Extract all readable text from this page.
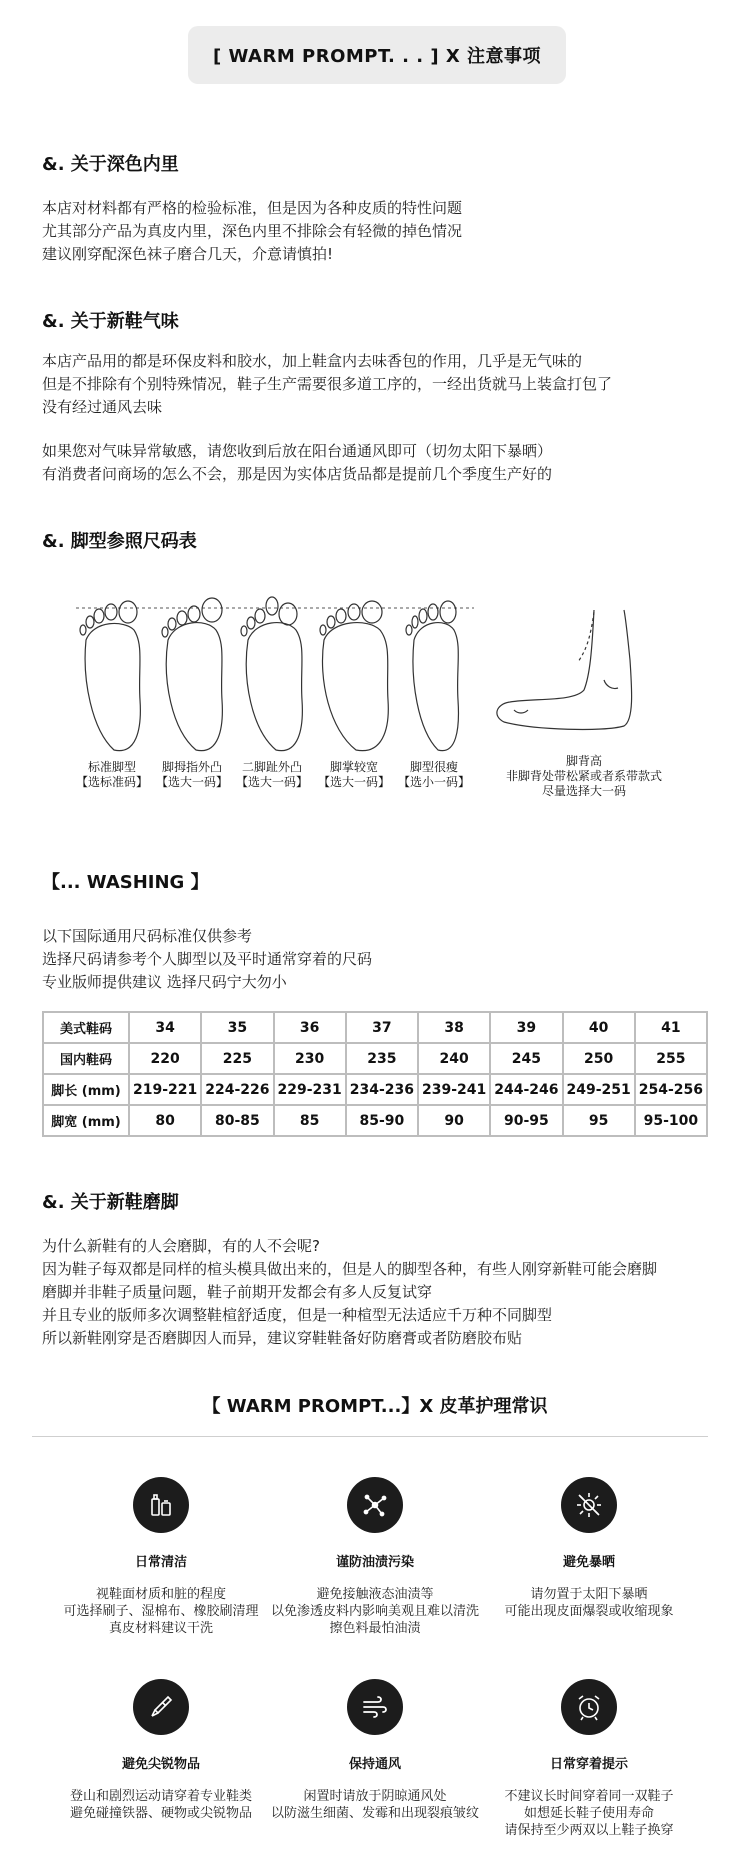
[ WARM PROMPT. . . ] X 注意事项
&. 关于深色内里
本店对材料都有严格的检验标准，但是因为各种皮质的特性问题
尤其部分产品为真皮内里，深色内里不排除会有轻微的掉色情况
建议刚穿配深色袜子磨合几天，介意请慎拍!
&. 关于新鞋气味
本店产品用的都是环保皮料和胶水，加上鞋盒内去味香包的作用，几乎是无气味的
但是不排除有个别特殊情况，鞋子生产需要很多道工序的，一经出货就马上装盒打包了
没有经过通风去味
如果您对气味异常敏感，请您收到后放在阳台通通风即可（切勿太阳下暴晒）
有消费者问商场的怎么不会，那是因为实体店货品都是提前几个季度生产好的
&. 脚型参照尺码表
标准脚型
【选标准码】
脚拇指外凸
【选大一码】
二脚趾外凸
【选大一码】
脚掌较宽
【选大一码】
脚型很瘦
【选小一码】
脚背高
非脚背处带松紧或者系带款式
尽量选择大一码
【... WASHING 】
以下国际通用尺码标准仅供参考
选择尺码请参考个人脚型以及平时通常穿着的尺码
专业版师提供建议 选择尺码宁大勿小
美式鞋码	34	35	36	37	38	39	40	41
国内鞋码	220	225	230	235	240	245	250	255
脚长 (mm)	219-221	224-226	229-231	234-236	239-241	244-246	249-251	254-256
脚宽 (mm)	80	80-85	85	85-90	90	90-95	95	95-100
&. 关于新鞋磨脚
为什么新鞋有的人会磨脚，有的人不会呢?
因为鞋子每双都是同样的楦头模具做出来的，但是人的脚型各种，有些人刚穿新鞋可能会磨脚
磨脚并非鞋子质量问题，鞋子前期开发都会有多人反复试穿
并且专业的版师多次调整鞋楦舒适度，但是一种楦型无法适应千万种不同脚型
所以新鞋刚穿是否磨脚因人而异，建议穿鞋鞋备好防磨膏或者防磨胶布贴
【 WARM PROMPT...】X 皮革护理常识
日常清洁
视鞋面材质和脏的程度
可选择刷子、湿棉布、橡胶刷清理
真皮材料建议干洗
谨防油渍污染
避免接触液态油渍等
以免渗透皮料内影响美观且难以清洗
擦色料最怕油渍
避免暴晒
请勿置于太阳下暴晒
可能出现皮面爆裂或收缩现象
避免尖锐物品
登山和剧烈运动请穿着专业鞋类
避免碰撞铁器、硬物或尖锐物品
保持通风
闲置时请放于阴晾通风处
以防滋生细菌、发霉和出现裂痕皱纹
日常穿着提示
不建议长时间穿着同一双鞋子
如想延长鞋子使用寿命
请保持至少两双以上鞋子换穿
